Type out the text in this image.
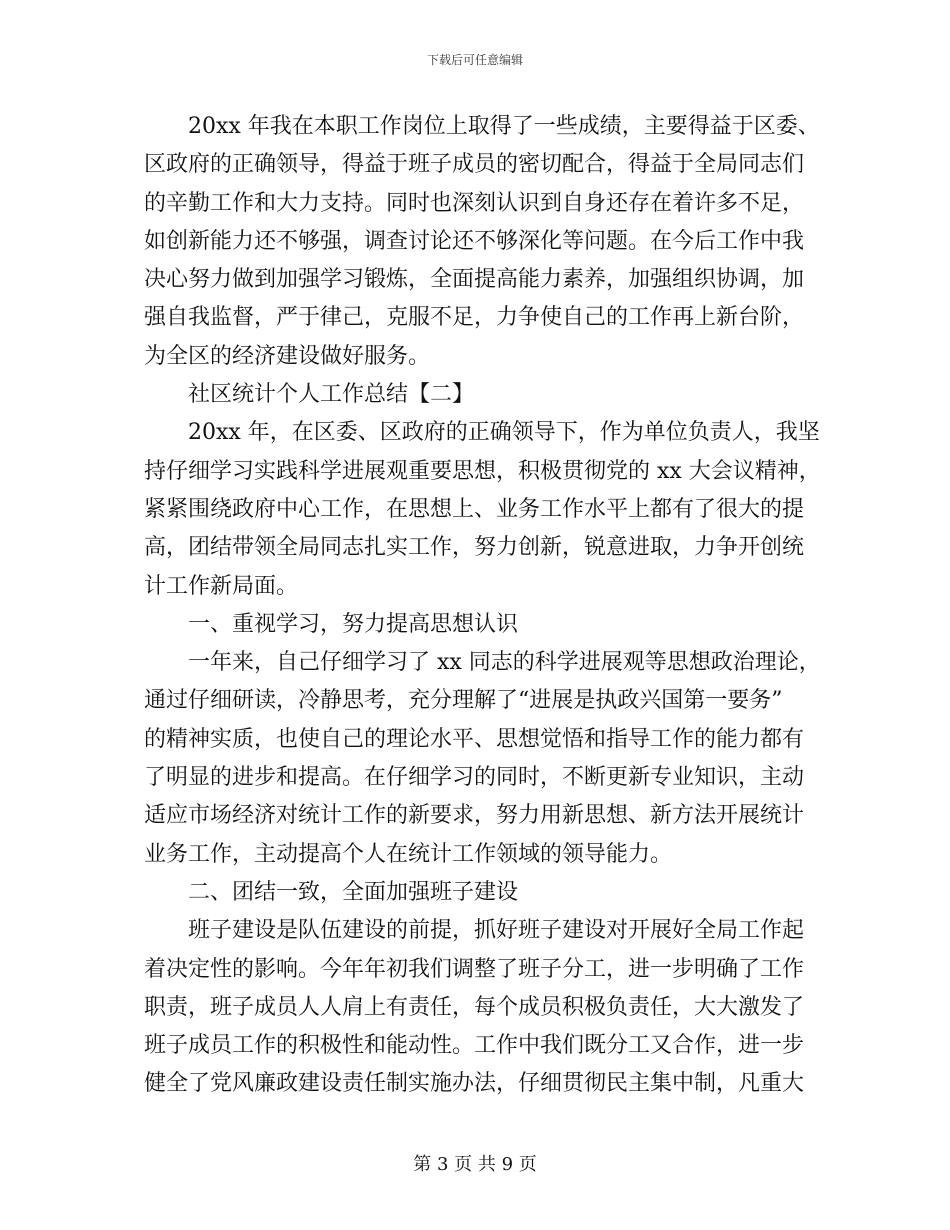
下载后可任意编辑
20xx 年我在本职工作岗位上取得了一些成绩，主要得益于区委、
区政府的正确领导，得益于班子成员的密切配合，得益于全局同志们
的辛勤工作和大力支持。同时也深刻认识到自身还存在着许多不足，
如创新能力还不够强，调查讨论还不够深化等问题。在今后工作中我
决心努力做到加强学习锻炼，全面提高能力素养，加强组织协调，加
强自我监督，严于律己，克服不足，力争使自己的工作再上新台阶，
为全区的经济建设做好服务。
社区统计个人工作总结【二】
20xx 年，在区委、区政府的正确领导下，作为单位负责人，我坚
持仔细学习实践科学进展观重要思想，积极贯彻党的 xx 大会议精神，
紧紧围绕政府中心工作，在思想上、业务工作水平上都有了很大的提
高，团结带领全局同志扎实工作，努力创新，锐意进取，力争开创统
计工作新局面。
一、重视学习，努力提高思想认识
一年来，自己仔细学习了 xx 同志的科学进展观等思想政治理论，
通过仔细研读，冷静思考，充分理解了“进展是执政兴国第一要务”
的精神实质，也使自己的理论水平、思想觉悟和指导工作的能力都有
了明显的进步和提高。在仔细学习的同时，不断更新专业知识，主动
适应市场经济对统计工作的新要求，努力用新思想、新方法开展统计
业务工作，主动提高个人在统计工作领域的领导能力。
二、团结一致，全面加强班子建设
班子建设是队伍建设的前提，抓好班子建设对开展好全局工作起
着决定性的影响。今年年初我们调整了班子分工，进一步明确了工作
职责，班子成员人人肩上有责任，每个成员积极负责任，大大激发了
班子成员工作的积极性和能动性。工作中我们既分工又合作，进一步
健全了党风廉政建设责任制实施办法，仔细贯彻民主集中制，凡重大
第 3 页 共 9 页
